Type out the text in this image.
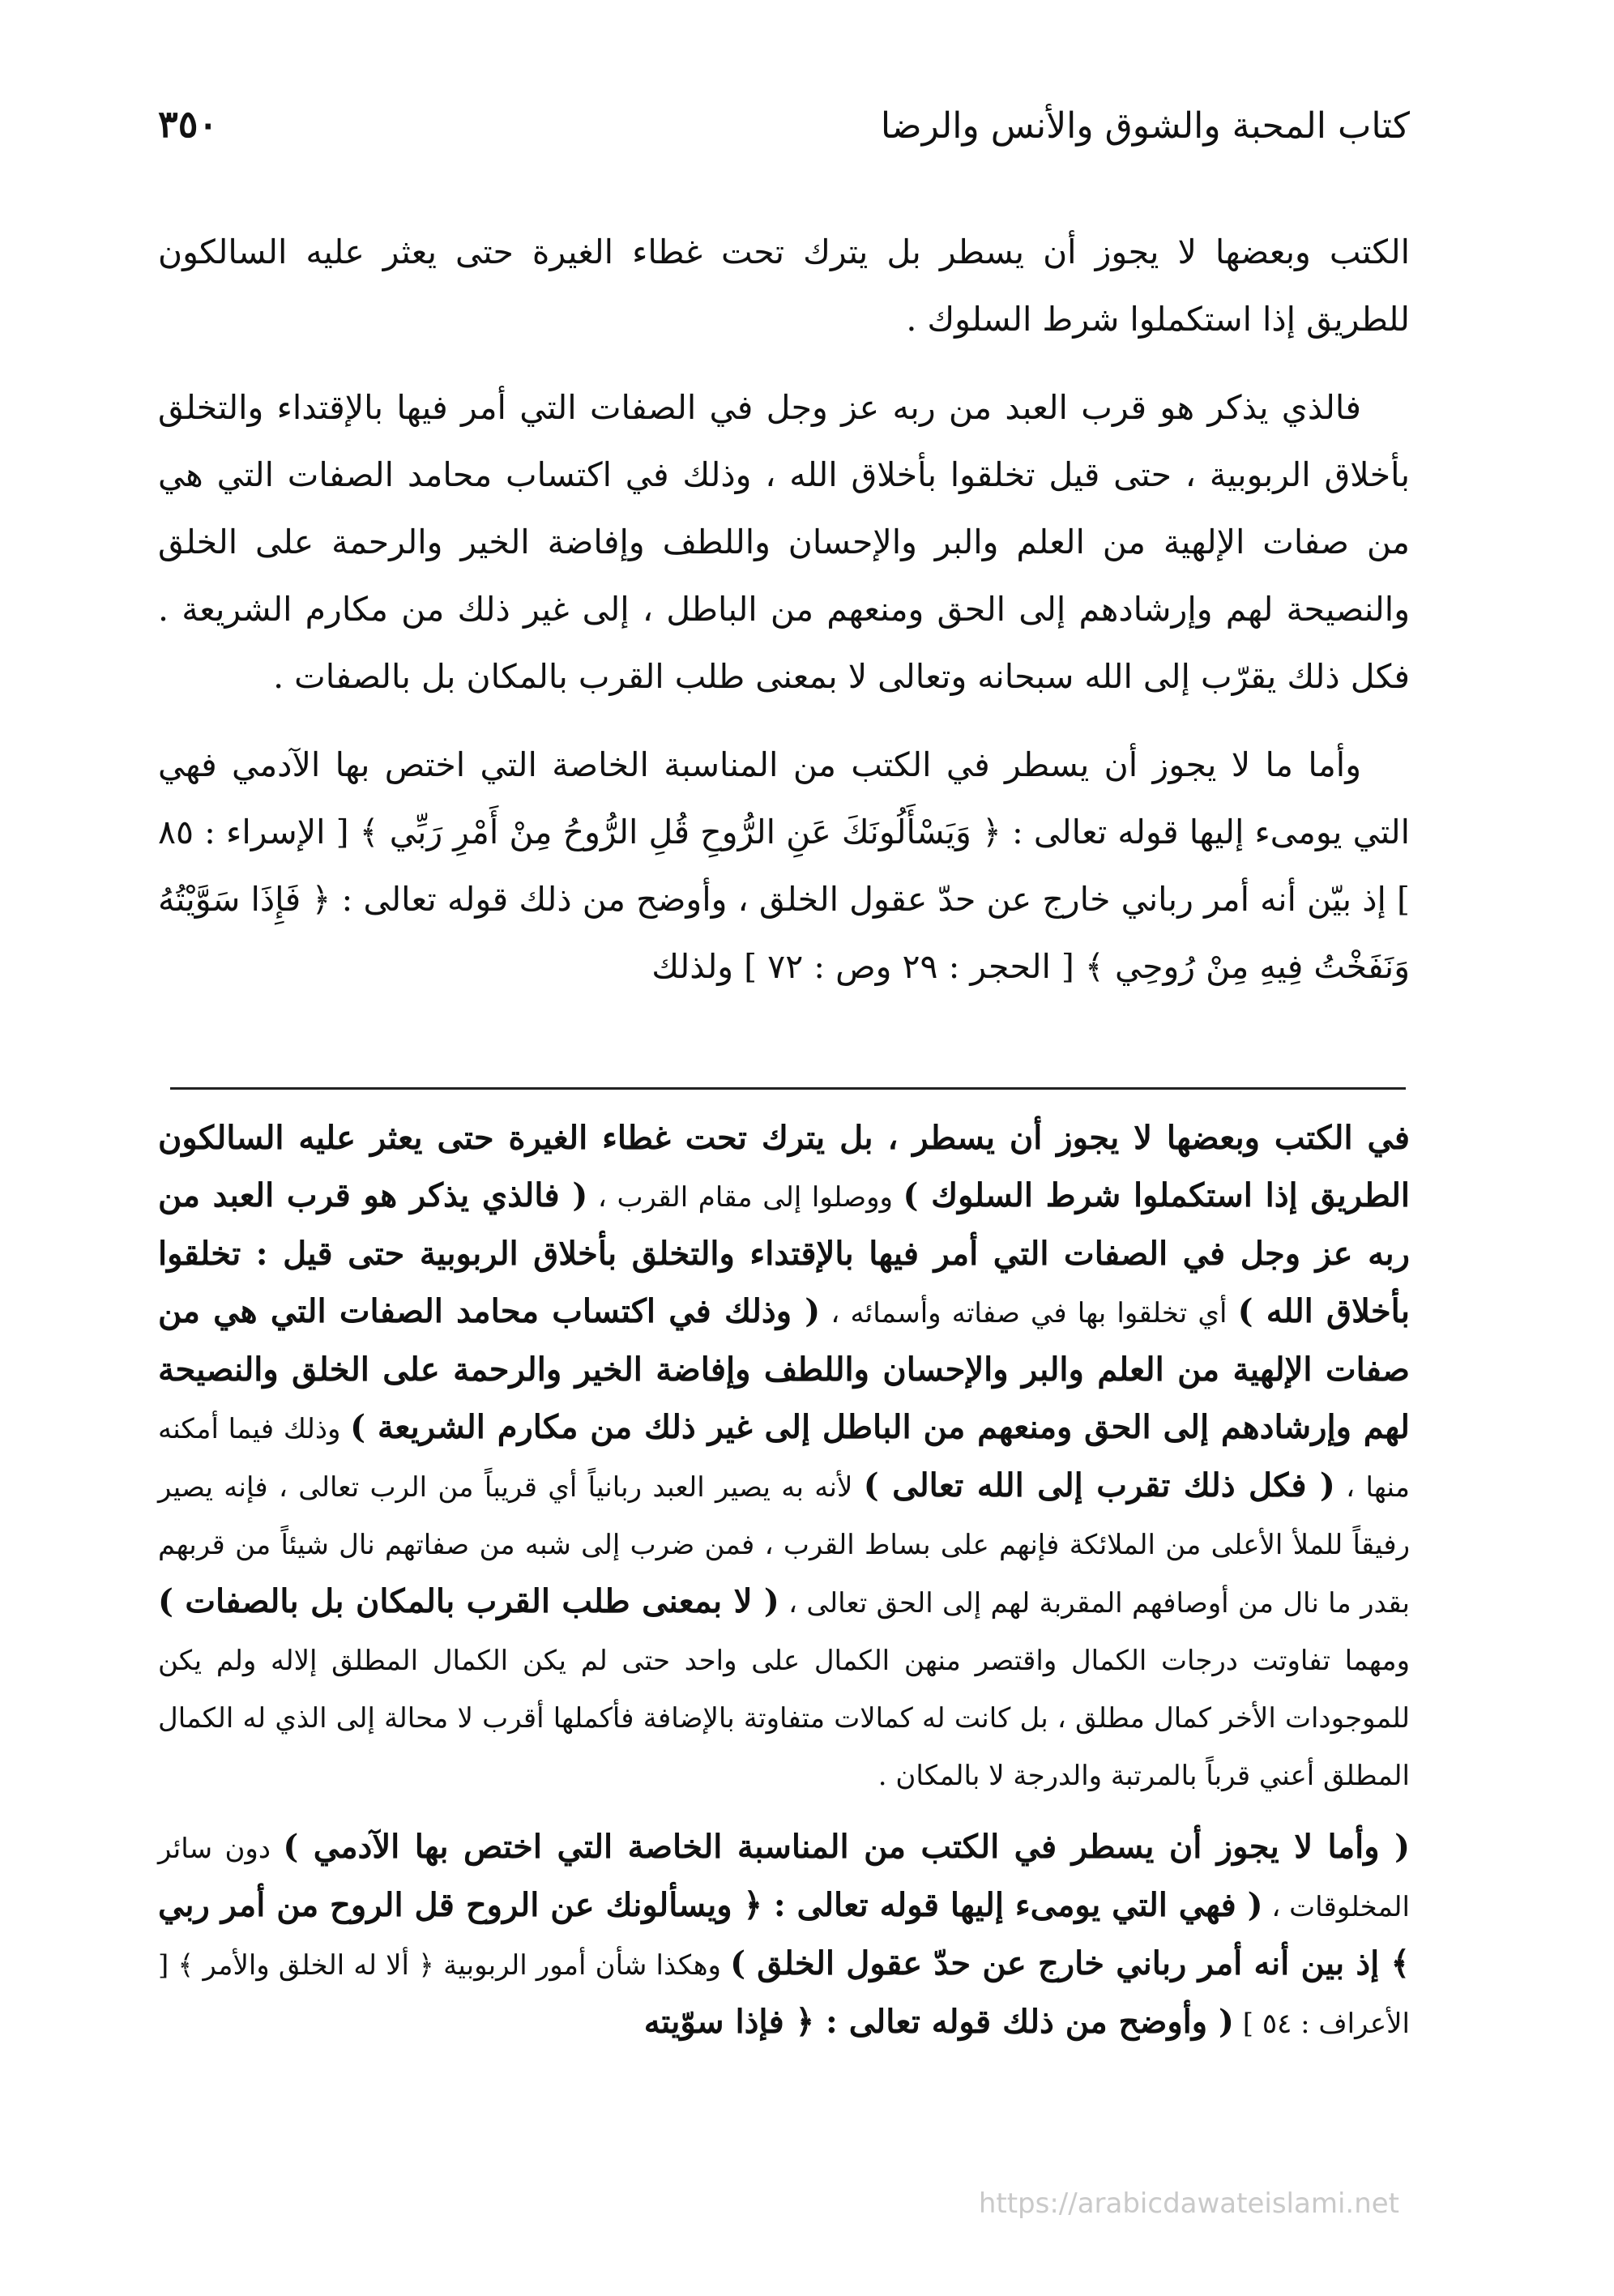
٣٥٠	كتاب المحبة والشوق والأنس والرضا

الكتب وبعضها لا يجوز أن يسطر بل يترك تحت غطاء الغيرة حتى يعثر عليه السالكون للطريق إذا استكملوا شرط السلوك .

فالذي يذكر هو قرب العبد من ربه عز وجل في الصفات التي أمر فيها بالإقتداء والتخلق بأخلاق الربوبية ، حتى قيل تخلقوا بأخلاق الله ، وذلك في اكتساب محامد الصفات التي هي من صفات الإلهية من العلم والبر والإحسان واللطف وإفاضة الخير والرحمة على الخلق والنصيحة لهم وإرشادهم إلى الحق ومنعهم من الباطل ، إلى غير ذلك من مكارم الشريعة . فكل ذلك يقرّب إلى الله سبحانه وتعالى لا بمعنى طلب القرب بالمكان بل بالصفات .

وأما ما لا يجوز أن يسطر في الكتب من المناسبة الخاصة التي اختص بها الآدمي فهي التي يومىء إليها قوله تعالى : ﴿ وَيَسْأَلُونَكَ عَنِ الرُّوحِ قُلِ الرُّوحُ مِنْ أَمْرِ رَبِّي ﴾ [ الإسراء : ٨٥ ] إذ بيّن أنه أمر رباني خارج عن حدّ عقول الخلق ، وأوضح من ذلك قوله تعالى : ﴿ فَإِذَا سَوَّيْتُهُ وَنَفَخْتُ فِيهِ مِنْ رُوحِي ﴾ [ الحجر : ٢٩ وص : ٧٢ ] ولذلك

في الكتب وبعضها لا يجوز أن يسطر ، بل يترك تحت غطاء الغيرة حتى يعثر عليه السالكون الطريق إذا استكملوا شرط السلوك ) ووصلوا إلى مقام القرب ، ( فالذي يذكر هو قرب العبد من ربه عز وجل في الصفات التي أمر فيها بالإقتداء والتخلق بأخلاق الربوبية حتى قيل : تخلقوا بأخلاق الله ) أي تخلقوا بها في صفاته وأسمائه ، ( وذلك في اكتساب محامد الصفات التي هي من صفات الإلهية من العلم والبر والإحسان واللطف وإفاضة الخير والرحمة على الخلق والنصيحة لهم وإرشادهم إلى الحق ومنعهم من الباطل إلى غير ذلك من مكارم الشريعة ) وذلك فيما أمكنه منها ، ( فكل ذلك تقرب إلى الله تعالى ) لأنه به يصير العبد ربانياً أي قريباً من الرب تعالى ، فإنه يصير رفيقاً للملأ الأعلى من الملائكة فإنهم على بساط القرب ، فمن ضرب إلى شبه من صفاتهم نال شيئاً من قربهم بقدر ما نال من أوصافهم المقربة لهم إلى الحق تعالى ، ( لا بمعنى طلب القرب بالمكان بل بالصفات ) ومهما تفاوتت درجات الكمال واقتصر منهن الكمال على واحد حتى لم يكن الكمال المطلق إلاله ولم يكن للموجودات الأخر كمال مطلق ، بل كانت له كمالات متفاوتة بالإضافة فأكملها أقرب لا محالة إلى الذي له الكمال المطلق أعني قرباً بالمرتبة والدرجة لا بالمكان .

( وأما لا يجوز أن يسطر في الكتب من المناسبة الخاصة التي اختص بها الآدمي ) دون سائر المخلوقات ، ( فهي التي يومىء إليها قوله تعالى : ﴿ ويسألونك عن الروح قل الروح من أمر ربي ﴾ إذ بين أنه أمر رباني خارج عن حدّ عقول الخلق ) وهكذا شأن أمور الربوبية ﴿ ألا له الخلق والأمر ﴾ [ الأعراف : ٥٤ ] ( وأوضح من ذلك قوله تعالى : ﴿ فإذا سوّيته

https://arabicdawateislami.net
